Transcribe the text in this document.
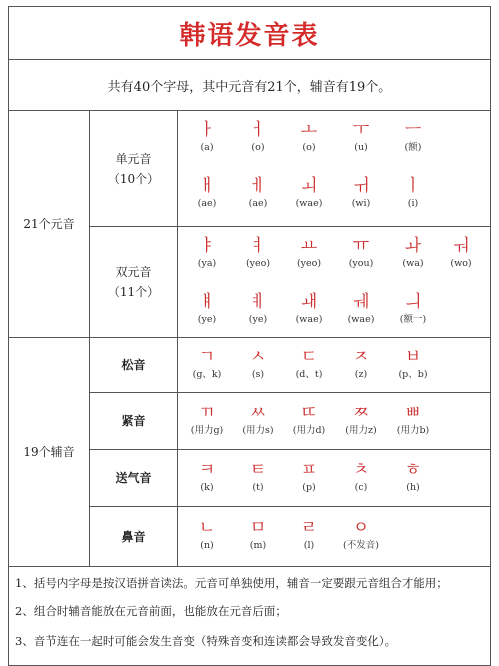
韩语发音表
共有40个字母，其中元音有21个，辅音有19个。
21个元音
单元音
（10个）
双元音
（11个）
19个辅音
松音
紧音
送气音
鼻音
ㅏ
(a)
ㅓ
(o)
ㅗ
(o)
ㅜ
(u)
ㅡ
(额)
ㅐ
(ae)
ㅔ
(ae)
ㅚ
(wae)
ㅟ
(wi)
ㅣ
(i)
ㅑ
(ya)
ㅕ
(yeo)
ㅛ
(yeo)
ㅠ
(you)
ㅘ
(wa)
ㅝ
(wo)
ㅒ
(ye)
ㅖ
(ye)
ㅙ
(wae)
ㅞ
(wae)
ㅢ
(额一)
ㄱ
(g、k)
ㅅ
(s)
ㄷ
(d、t)
ㅈ
(z)
ㅂ
(p、b)
ㄲ
(用力g)
ㅆ
(用力s)
ㄸ
(用力d)
ㅉ
(用力z)
ㅃ
(用力b)
ㅋ
(k)
ㅌ
(t)
ㅍ
(p)
ㅊ
(c)
ㅎ
(h)
ㄴ
(n)
ㅁ
(m)
ㄹ
(l)
ㅇ
(不发音)
1、括号内字母是按汉语拼音读法。元音可单独使用，辅音一定要跟元音组合才能用；
2、组合时辅音能放在元音前面，也能放在元音后面；
3、音节连在一起时可能会发生音变（特殊音变和连读都会导致发音变化）。
